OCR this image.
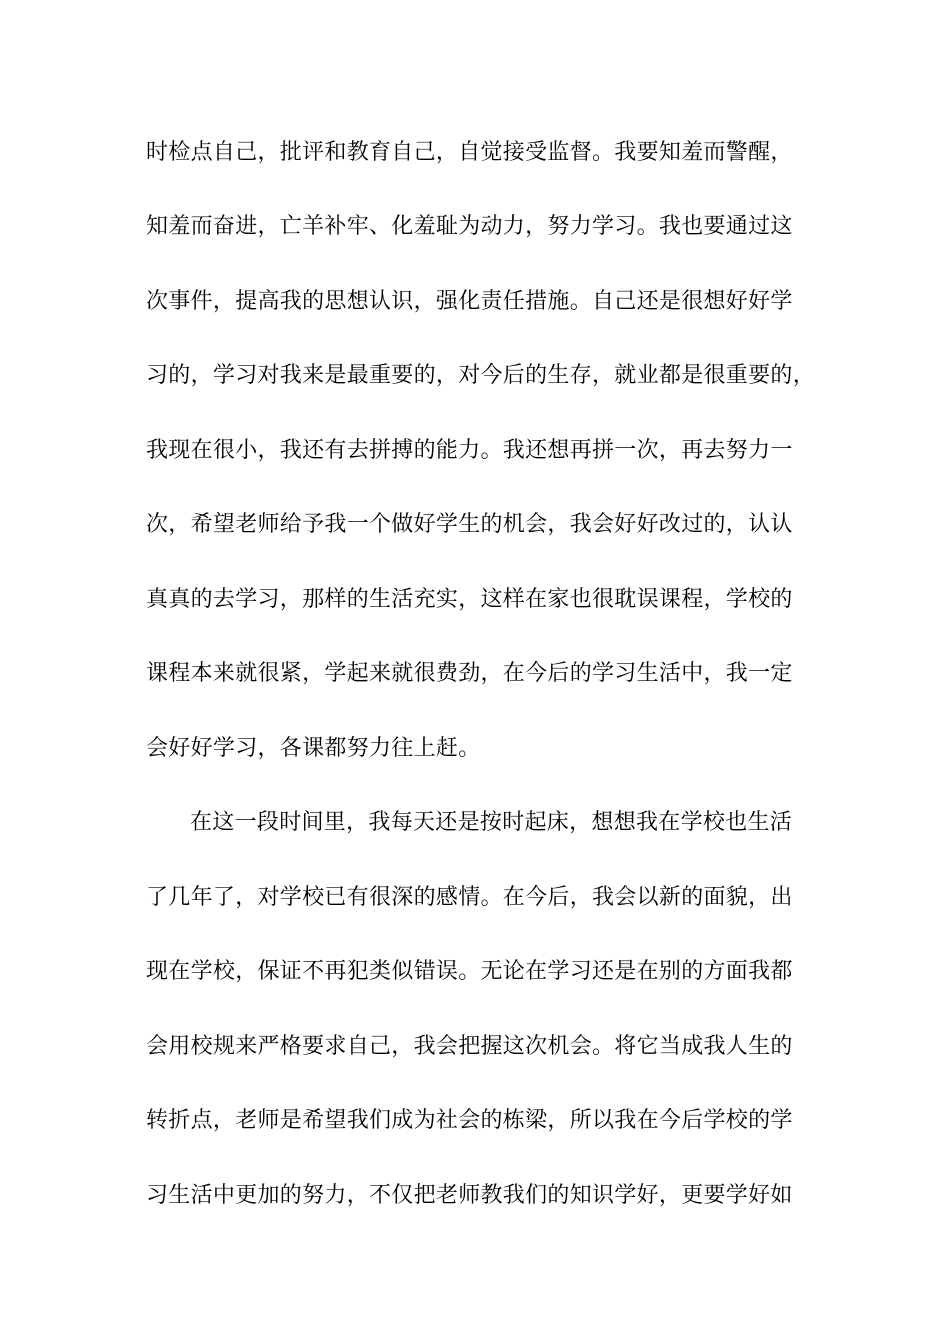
时检点自己，批评和教育自己，自觉接受监督。我要知羞而警醒，
知羞而奋进，亡羊补牢、化羞耻为动力，努力学习。我也要通过这
次事件，提高我的思想认识，强化责任措施。自己还是很想好好学
习的，学习对我来是最重要的，对今后的生存，就业都是很重要的，
我现在很小，我还有去拼搏的能力。我还想再拼一次，再去努力一
次，希望老师给予我一个做好学生的机会，我会好好改过的，认认
真真的去学习，那样的生活充实，这样在家也很耽误课程，学校的
课程本来就很紧，学起来就很费劲，在今后的学习生活中，我一定
会好好学习，各课都努力往上赶。
在这一段时间里，我每天还是按时起床，想想我在学校也生活
了几年了，对学校已有很深的感情。在今后，我会以新的面貌，出
现在学校，保证不再犯类似错误。无论在学习还是在别的方面我都
会用校规来严格要求自己，我会把握这次机会。将它当成我人生的
转折点，老师是希望我们成为社会的栋梁，所以我在今后学校的学
习生活中更加的努力，不仅把老师教我们的知识学好，更要学好如
